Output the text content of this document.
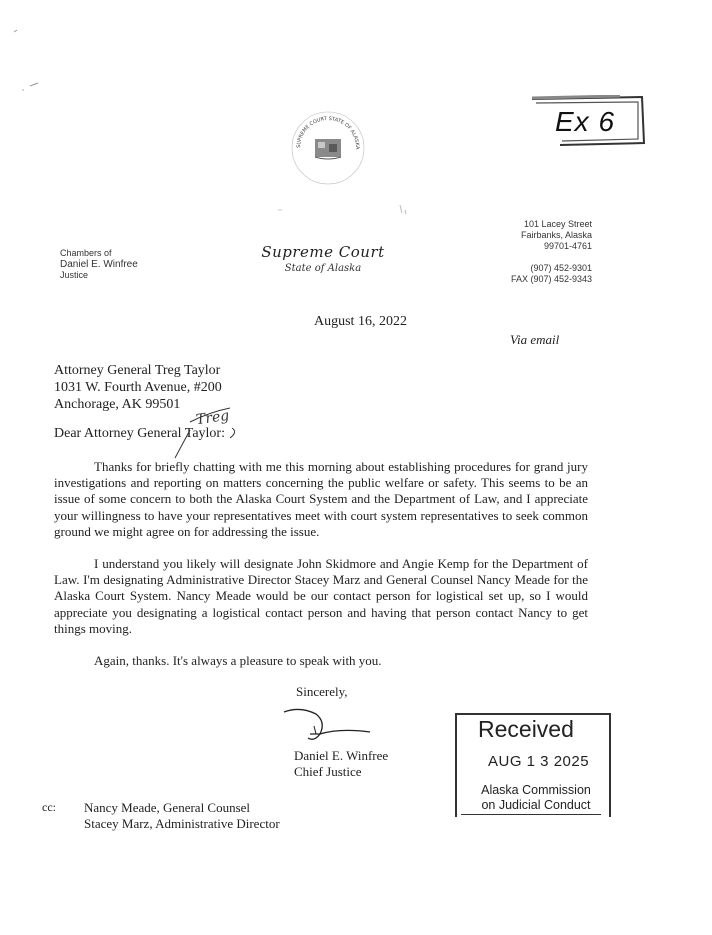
Ex 6
SUPREME COURT STATE OF ALASKA
Chambers of
Daniel E. Winfree
Justice
Supreme Court
State of Alaska
101 Lacey Street
Fairbanks, Alaska
99701-4761
(907) 452-9301
FAX (907) 452-9343
August 16, 2022
Via email
Attorney General Treg Taylor
1031 W. Fourth Avenue, #200
Anchorage, AK 99501
Dear Attorney General Taylor:
Treg
Thanks for briefly chatting with me this morning about establishing procedures for grand jury investigations and reporting on matters concerning the public welfare or safety. This seems to be an issue of some concern to both the Alaska Court System and the Department of Law, and I appreciate your willingness to have your representatives meet with court system representatives to seek common ground we might agree on for addressing the issue.
I understand you likely will designate John Skidmore and Angie Kemp for the Department of Law. I'm designating Administrative Director Stacey Marz and General Counsel Nancy Meade for the Alaska Court System. Nancy Meade would be our contact person for logistical set up, so I would appreciate you designating a logistical contact person and having that person contact Nancy to get things moving.
Again, thanks. It's always a pleasure to speak with you.
Sincerely,
Daniel E. Winfree
Chief Justice
cc: Nancy Meade, General Counsel
Stacey Marz, Administrative Director
Received
AUG 1 3 2025
Alaska Commission
on Judicial Conduct
